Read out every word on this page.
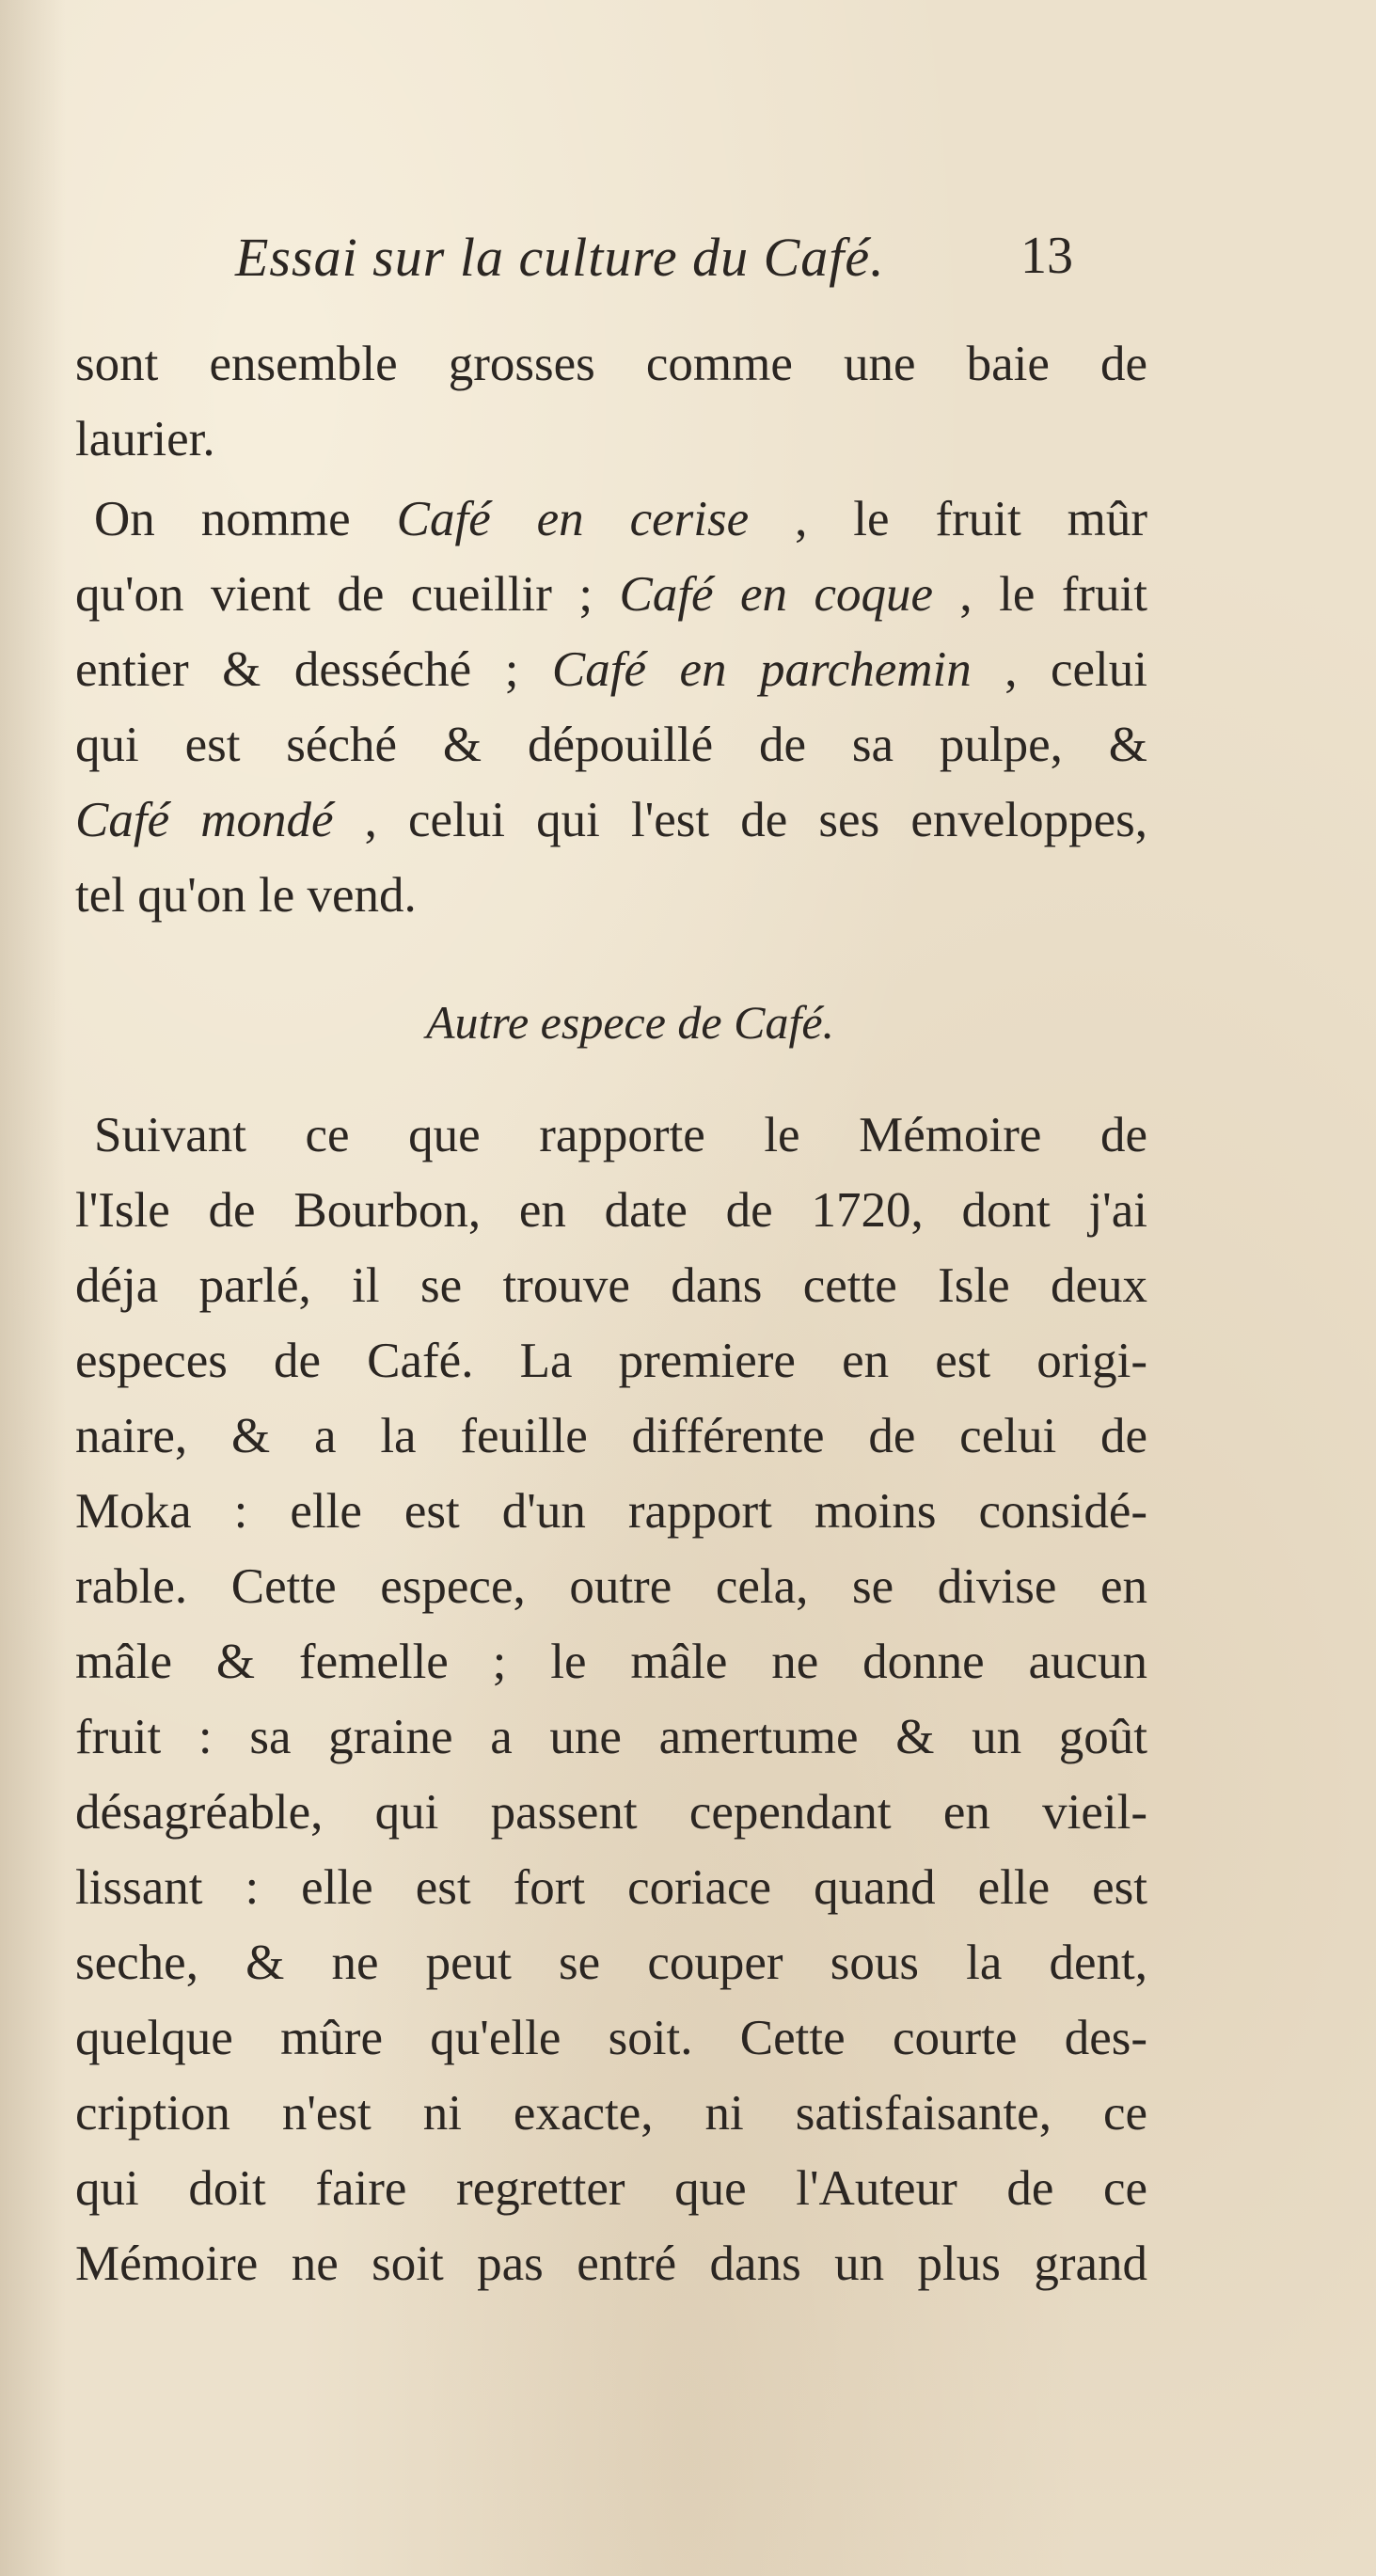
Essai sur la culture du Café.	13
sont ensemble grosses comme une baie de
laurier.
On nomme Café en cerise , le fruit mûr
qu'on vient de cueillir ; Café en coque , le fruit
entier & desséché ; Café en parchemin , celui
qui est séché & dépouillé de sa pulpe, &
Café mondé , celui qui l'est de ses enveloppes,
tel qu'on le vend.
Autre espece de Café.
Suivant ce que rapporte le Mémoire de
l'Isle de Bourbon, en date de 1720, dont j'ai
déja parlé, il se trouve dans cette Isle deux
especes de Café. La premiere en est origi-
naire, & a la feuille différente de celui de
Moka : elle est d'un rapport moins considé-
rable. Cette espece, outre cela, se divise en
mâle & femelle ; le mâle ne donne aucun
fruit : sa graine a une amertume & un goût
désagréable, qui passent cependant en vieil-
lissant : elle est fort coriace quand elle est
seche, & ne peut se couper sous la dent,
quelque mûre qu'elle soit. Cette courte des-
cription n'est ni exacte, ni satisfaisante, ce
qui doit faire regretter que l'Auteur de ce
Mémoire ne soit pas entré dans un plus grand
